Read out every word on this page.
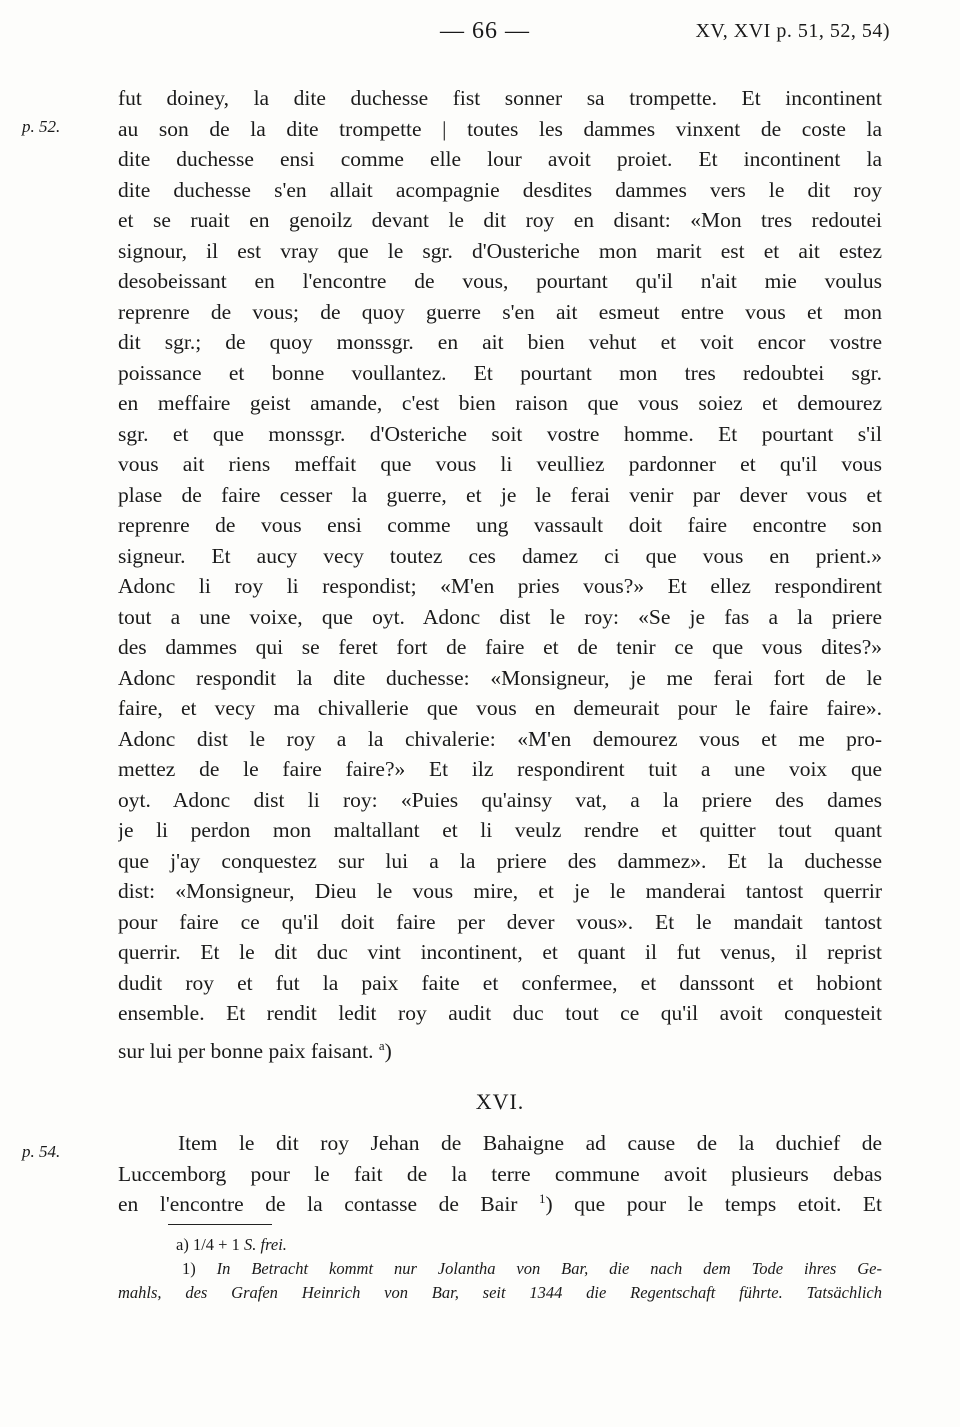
— 66 —	XV, XVI p. 51, 52, 54)
p. 52.
p. 54.
fut doiney, la dite duchesse fist sonner sa trompette. Et incontinent
au son de la dite trompette | toutes les dammes vinxent de coste la
dite duchesse ensi comme elle lour avoit proiet. Et incontinent la
dite duchesse s'en allait acompagnie desdites dammes vers le dit roy
et se ruait en genoilz devant le dit roy en disant: «Mon tres redoutei
signour, il est vray que le sgr. d'Ousteriche mon marit est et ait estez
desobeissant en l'encontre de vous, pourtant qu'il n'ait mie voulus
reprenre de vous; de quoy guerre s'en ait esmeut entre vous et mon
dit sgr.; de quoy monssgr. en ait bien vehut et voit encor vostre
poissance et bonne voullantez. Et pourtant mon tres redoubtei sgr.
en meffaire geist amande, c'est bien raison que vous soiez et demourez
sgr. et que monssgr. d'Osteriche soit vostre homme. Et pourtant s'il
vous ait riens meffait que vous li veulliez pardonner et qu'il vous
plase de faire cesser la guerre, et je le ferai venir par dever vous et
reprenre de vous ensi comme ung vassault doit faire encontre son
signeur. Et aucy vecy toutez ces damez ci que vous en prient.»
Adonc li roy li respondist; «M'en pries vous?» Et ellez respondirent
tout a une voixe, que oyt. Adonc dist le roy: «Se je fas a la priere
des dammes qui se feret fort de faire et de tenir ce que vous dites?»
Adonc respondit la dite duchesse: «Monsigneur, je me ferai fort de le
faire, et vecy ma chivallerie que vous en demeurait pour le faire faire».
Adonc dist le roy a la chivalerie: «M'en demourez vous et me pro-
mettez de le faire faire?» Et ilz respondirent tuit a une voix que
oyt. Adonc dist li roy: «Puies qu'ainsy vat, a la priere des dames
je li perdon mon maltallant et li veulz rendre et quitter tout quant
que j'ay conquestez sur lui a la priere des dammez». Et la duchesse
dist: «Monsigneur, Dieu le vous mire, et je le manderai tantost querrir
pour faire ce qu'il doit faire per dever vous». Et le mandait tantost
querrir. Et le dit duc vint incontinent, et quant il fut venus, il reprist
dudit roy et fut la paix faite et confermee, et danssont et hobiont
ensemble. Et rendit ledit roy audit duc tout ce qu'il avoit conquesteit
sur lui per bonne paix faisant. $^a$)
XVI.
Item le dit roy Jehan de Bahaigne ad cause de la duchief de
Luccemborg pour le fait de la terre commune avoit plusieurs debas
en l'encontre de la contasse de Bair $^1$) que pour le temps etoit. Et
a) 1/4 + 1 S. frei.
1) In Betracht kommt nur Jolantha von Bar, die nach dem Tode ihres Ge-
mahls, des Grafen Heinrich von Bar, seit 1344 die Regentschaft führte. Tatsächlich
